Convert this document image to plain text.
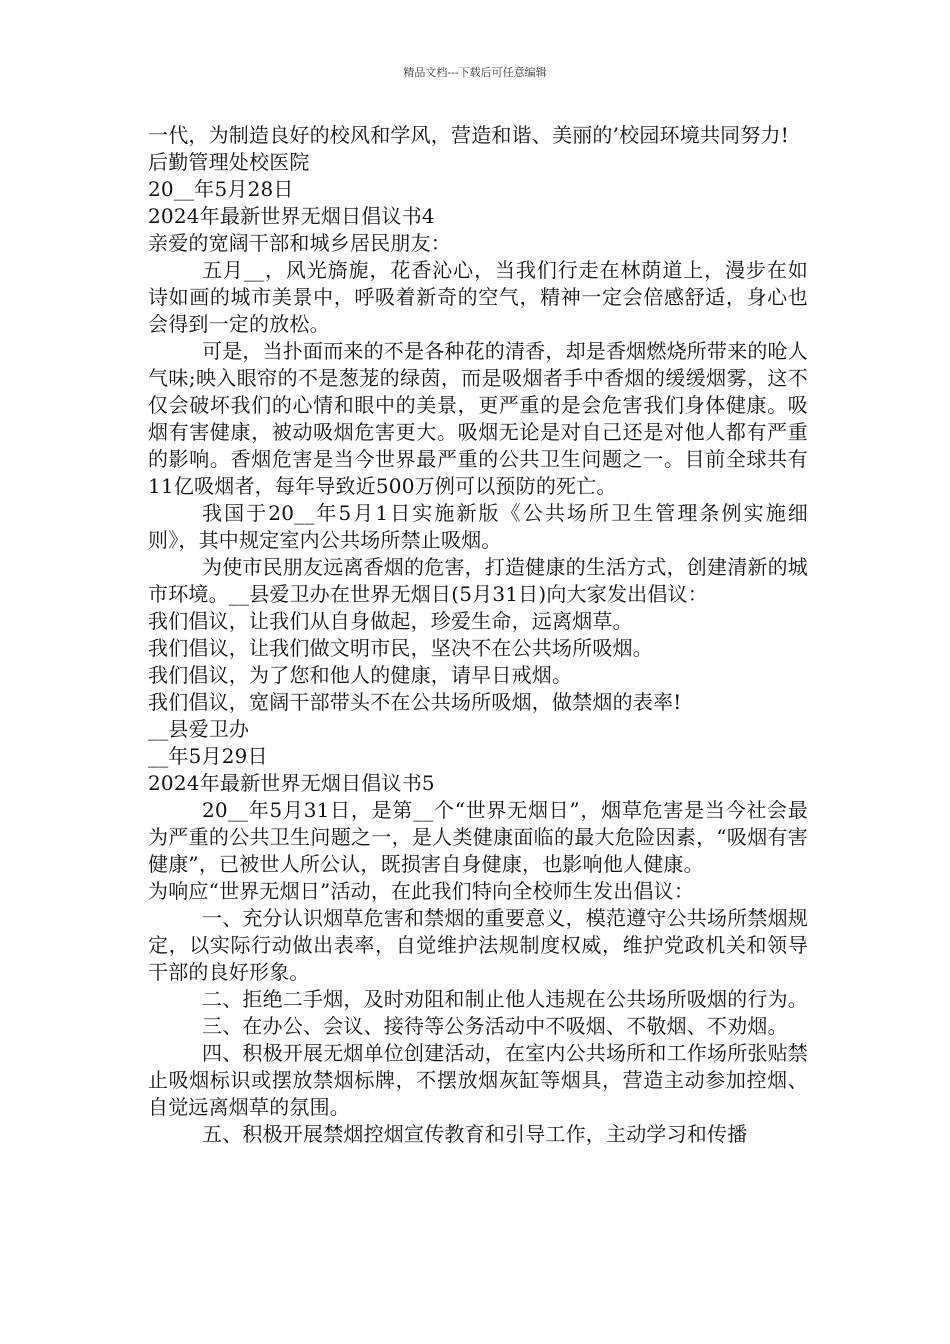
精品文档---下载后可任意编辑

一代，为制造良好的校风和学风，营造和谐、美丽的’校园环境共同努力!

后勤管理处校医院

20__年5月28日

2024年最新世界无烟日倡议书4

亲爱的宽阔干部和城乡居民朋友：

五月__，风光旖旎，花香沁心，当我们行走在林荫道上，漫步在如诗如画的城市美景中，呼吸着新奇的空气，精神一定会倍感舒适，身心也会得到一定的放松。

可是，当扑面而来的不是各种花的清香，却是香烟燃烧所带来的呛人气味;映入眼帘的不是葱茏的绿茵，而是吸烟者手中香烟的缓缓烟雾，这不仅会破坏我们的心情和眼中的美景，更严重的是会危害我们身体健康。吸烟有害健康，被动吸烟危害更大。吸烟无论是对自己还是对他人都有严重的影响。香烟危害是当今世界最严重的公共卫生问题之一。目前全球共有11亿吸烟者，每年导致近500万例可以预防的死亡。

我国于20__年5月1日实施新版《公共场所卫生管理条例实施细则》，其中规定室内公共场所禁止吸烟。

为使市民朋友远离香烟的危害，打造健康的生活方式，创建清新的城市环境。__县爱卫办在世界无烟日(5月31日)向大家发出倡议：

我们倡议，让我们从自身做起，珍爱生命，远离烟草。

我们倡议，让我们做文明市民，坚决不在公共场所吸烟。

我们倡议，为了您和他人的健康，请早日戒烟。

我们倡议，宽阔干部带头不在公共场所吸烟，做禁烟的表率!

__县爱卫办

__年5月29日

2024年最新世界无烟日倡议书5

20__年5月31日，是第__个“世界无烟日”，烟草危害是当今社会最为严重的公共卫生问题之一，是人类健康面临的最大危险因素，“吸烟有害健康”，已被世人所公认，既损害自身健康，也影响他人健康。

为响应“世界无烟日”活动，在此我们特向全校师生发出倡议：

一、充分认识烟草危害和禁烟的重要意义，模范遵守公共场所禁烟规定，以实际行动做出表率，自觉维护法规制度权威，维护党政机关和领导干部的良好形象。

二、拒绝二手烟，及时劝阻和制止他人违规在公共场所吸烟的行为。

三、在办公、会议、接待等公务活动中不吸烟、不敬烟、不劝烟。

四、积极开展无烟单位创建活动，在室内公共场所和工作场所张贴禁止吸烟标识或摆放禁烟标牌，不摆放烟灰缸等烟具，营造主动参加控烟、自觉远离烟草的氛围。

五、积极开展禁烟控烟宣传教育和引导工作，主动学习和传播
